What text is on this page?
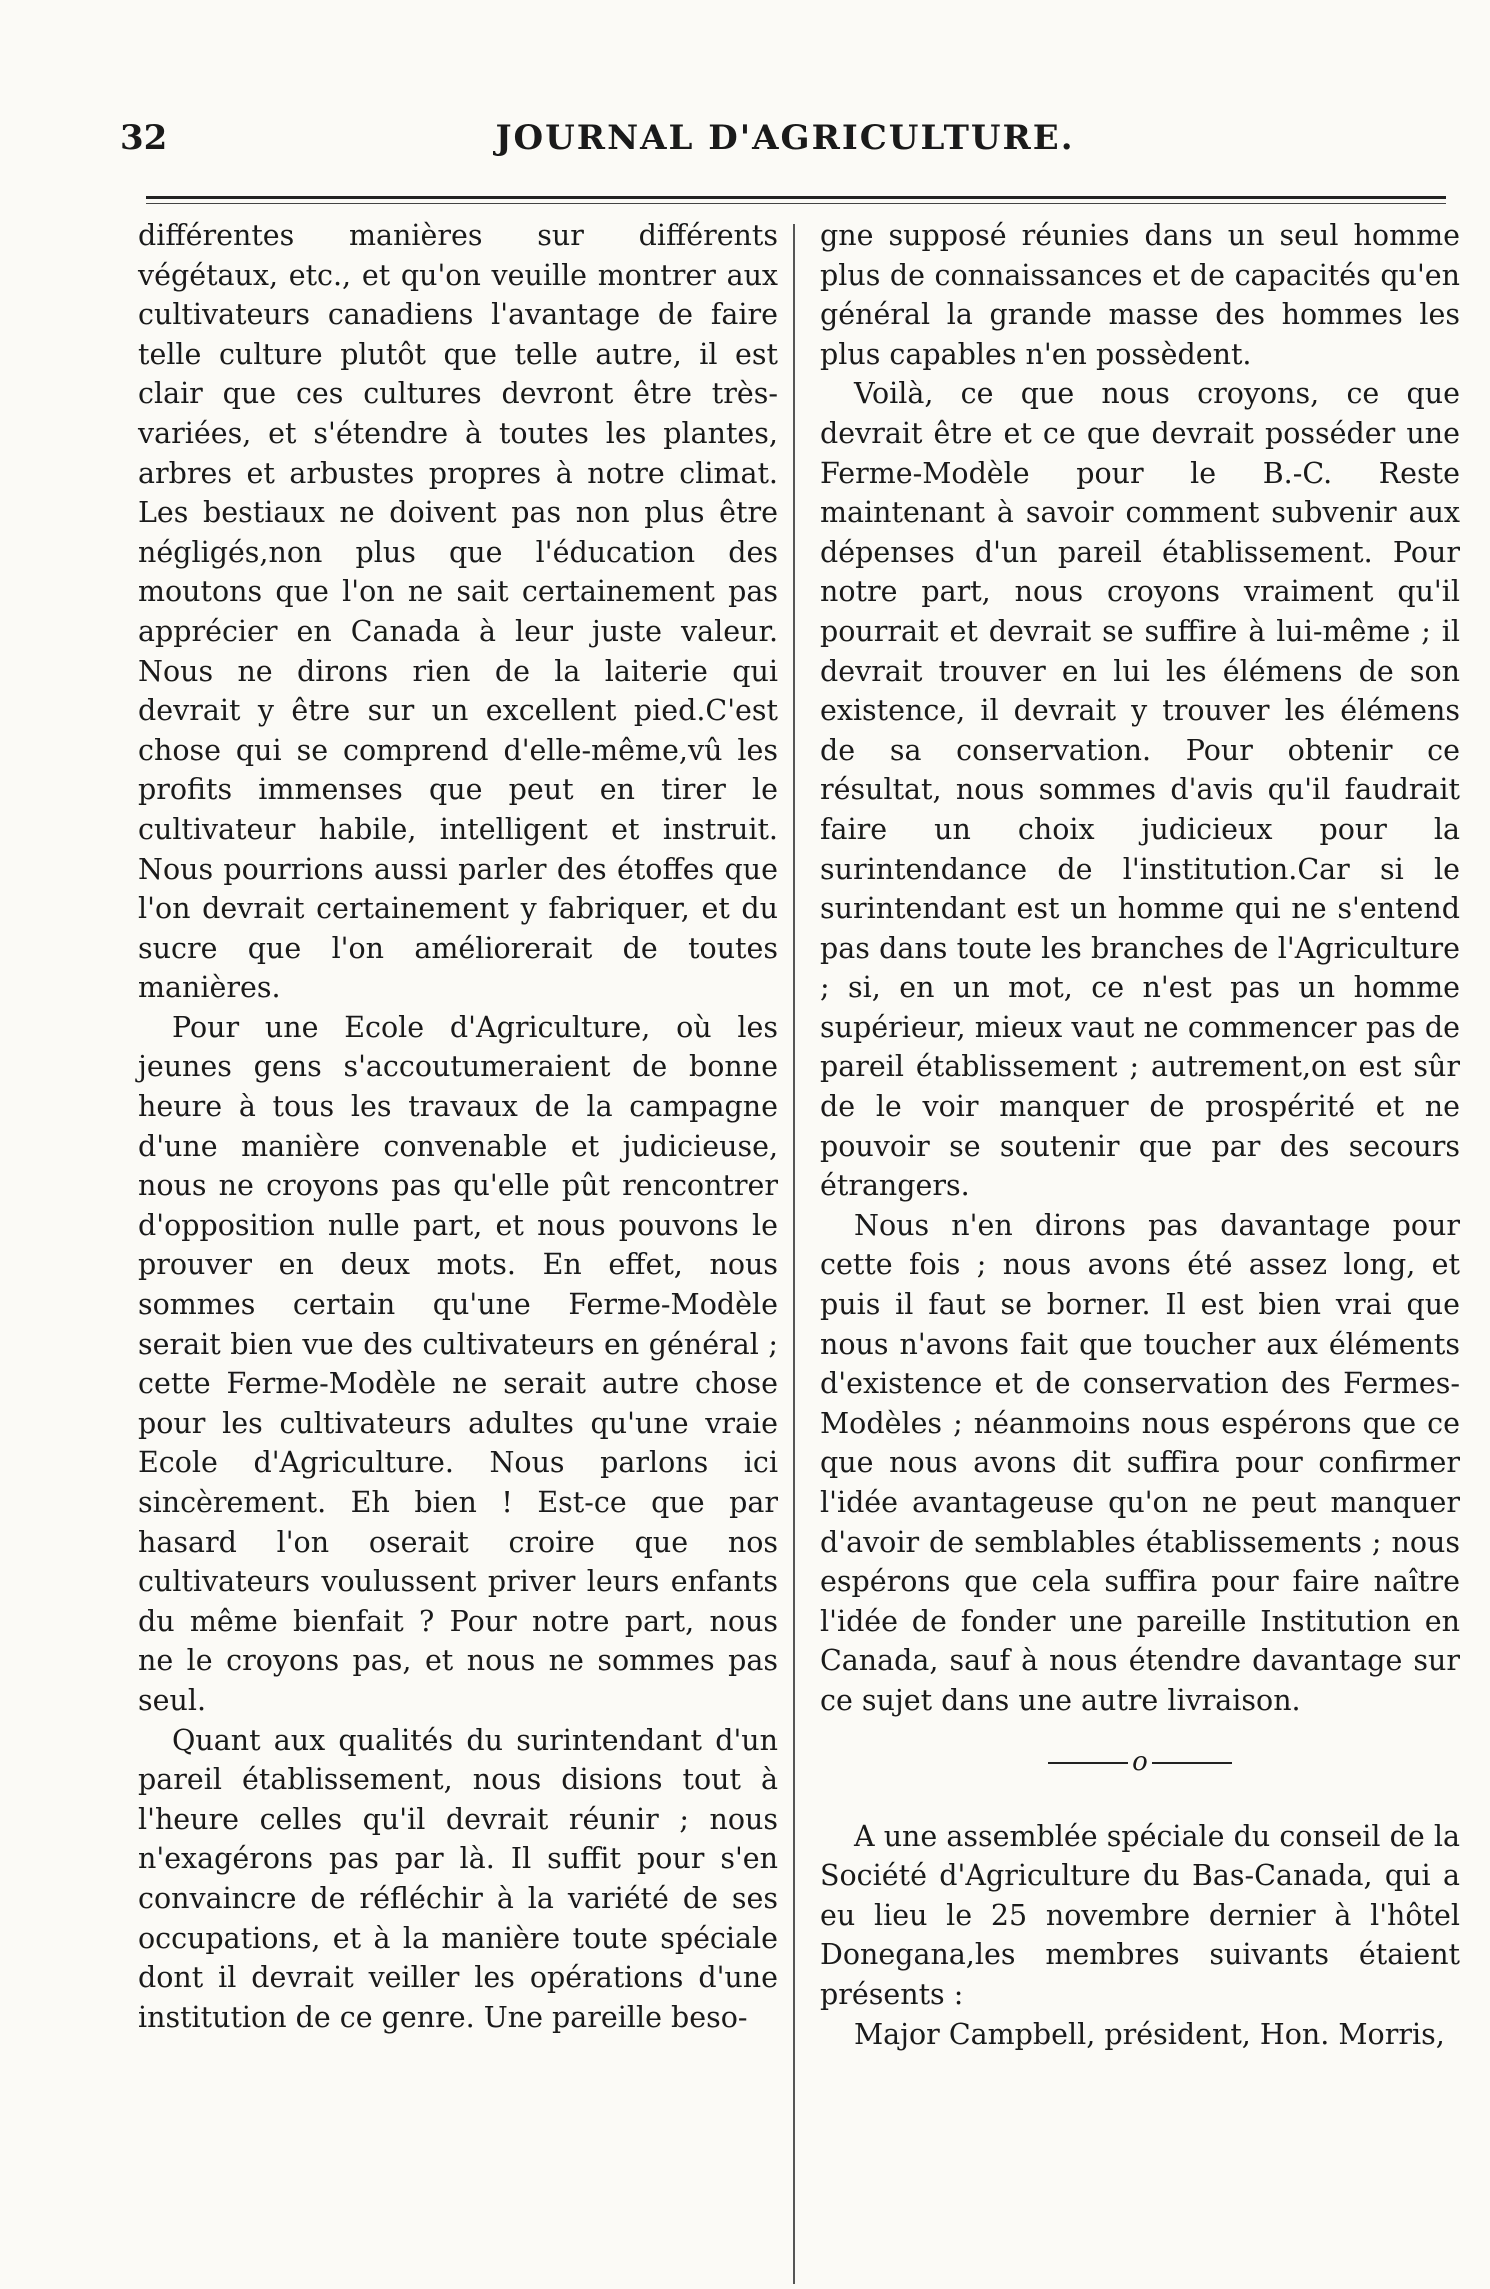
32	JOURNAL D'AGRICULTURE.

différentes manières sur différents végétaux, etc., et qu'on veuille montrer aux cultivateurs canadiens l'avantage de faire telle culture plutôt que telle autre, il est clair que ces cultures devront être très-variées, et s'étendre à toutes les plantes, arbres et arbustes propres à notre climat. Les bestiaux ne doivent pas non plus être négligés,non plus que l'éducation des moutons que l'on ne sait certainement pas apprécier en Canada à leur juste valeur. Nous ne dirons rien de la laiterie qui devrait y être sur un excellent pied.C'est chose qui se comprend d'elle-même,vû les profits immenses que peut en tirer le cultivateur habile, intelligent et instruit. Nous pourrions aussi parler des étoffes que l'on devrait certainement y fabriquer, et du sucre que l'on améliorerait de toutes manières.

Pour une Ecole d'Agriculture, où les jeunes gens s'accoutumeraient de bonne heure à tous les travaux de la campagne d'une manière convenable et judicieuse, nous ne croyons pas qu'elle pût rencontrer d'opposition nulle part, et nous pouvons le prouver en deux mots. En effet, nous sommes certain qu'une Ferme-Modèle serait bien vue des cultivateurs en général ; cette Ferme-Modèle ne serait autre chose pour les cultivateurs adultes qu'une vraie Ecole d'Agriculture. Nous parlons ici sincèrement. Eh bien ! Est-ce que par hasard l'on oserait croire que nos cultivateurs voulussent priver leurs enfants du même bienfait ? Pour notre part, nous ne le croyons pas, et nous ne sommes pas seul.

Quant aux qualités du surintendant d'un pareil établissement, nous disions tout à l'heure celles qu'il devrait réunir ; nous n'exagérons pas par là. Il suffit pour s'en convaincre de réfléchir à la variété de ses occupations, et à la manière toute spéciale dont il devrait veiller les opérations d'une institution de ce genre. Une pareille beso-

gne supposé réunies dans un seul homme plus de connaissances et de capacités qu'en général la grande masse des hommes les plus capables n'en possèdent.

Voilà, ce que nous croyons, ce que devrait être et ce que devrait posséder une Ferme-Modèle pour le B.-C. Reste maintenant à savoir comment subvenir aux dépenses d'un pareil établissement. Pour notre part, nous croyons vraiment qu'il pourrait et devrait se suffire à lui-même ; il devrait trouver en lui les élémens de son existence, il devrait y trouver les élémens de sa conservation. Pour obtenir ce résultat, nous sommes d'avis qu'il faudrait faire un choix judicieux pour la surintendance de l'institution.Car si le surintendant est un homme qui ne s'entend pas dans toute les branches de l'Agriculture ; si, en un mot, ce n'est pas un homme supérieur, mieux vaut ne commencer pas de pareil établissement ; autrement,on est sûr de le voir manquer de prospérité et ne pouvoir se soutenir que par des secours étrangers.

Nous n'en dirons pas davantage pour cette fois ; nous avons été assez long, et puis il faut se borner. Il est bien vrai que nous n'avons fait que toucher aux éléments d'existence et de conservation des Fermes-Modèles ; néanmoins nous espérons que ce que nous avons dit suffira pour confirmer l'idée avantageuse qu'on ne peut manquer d'avoir de semblables établissements ; nous espérons que cela suffira pour faire naître l'idée de fonder une pareille Institution en Canada, sauf à nous étendre davantage sur ce sujet dans une autre livraison.

o

A une assemblée spéciale du conseil de la Société d'Agriculture du Bas-Canada, qui a eu lieu le 25 novembre dernier à l'hôtel Donegana,les membres suivants étaient présents :

Major Campbell, président, Hon. Morris,
